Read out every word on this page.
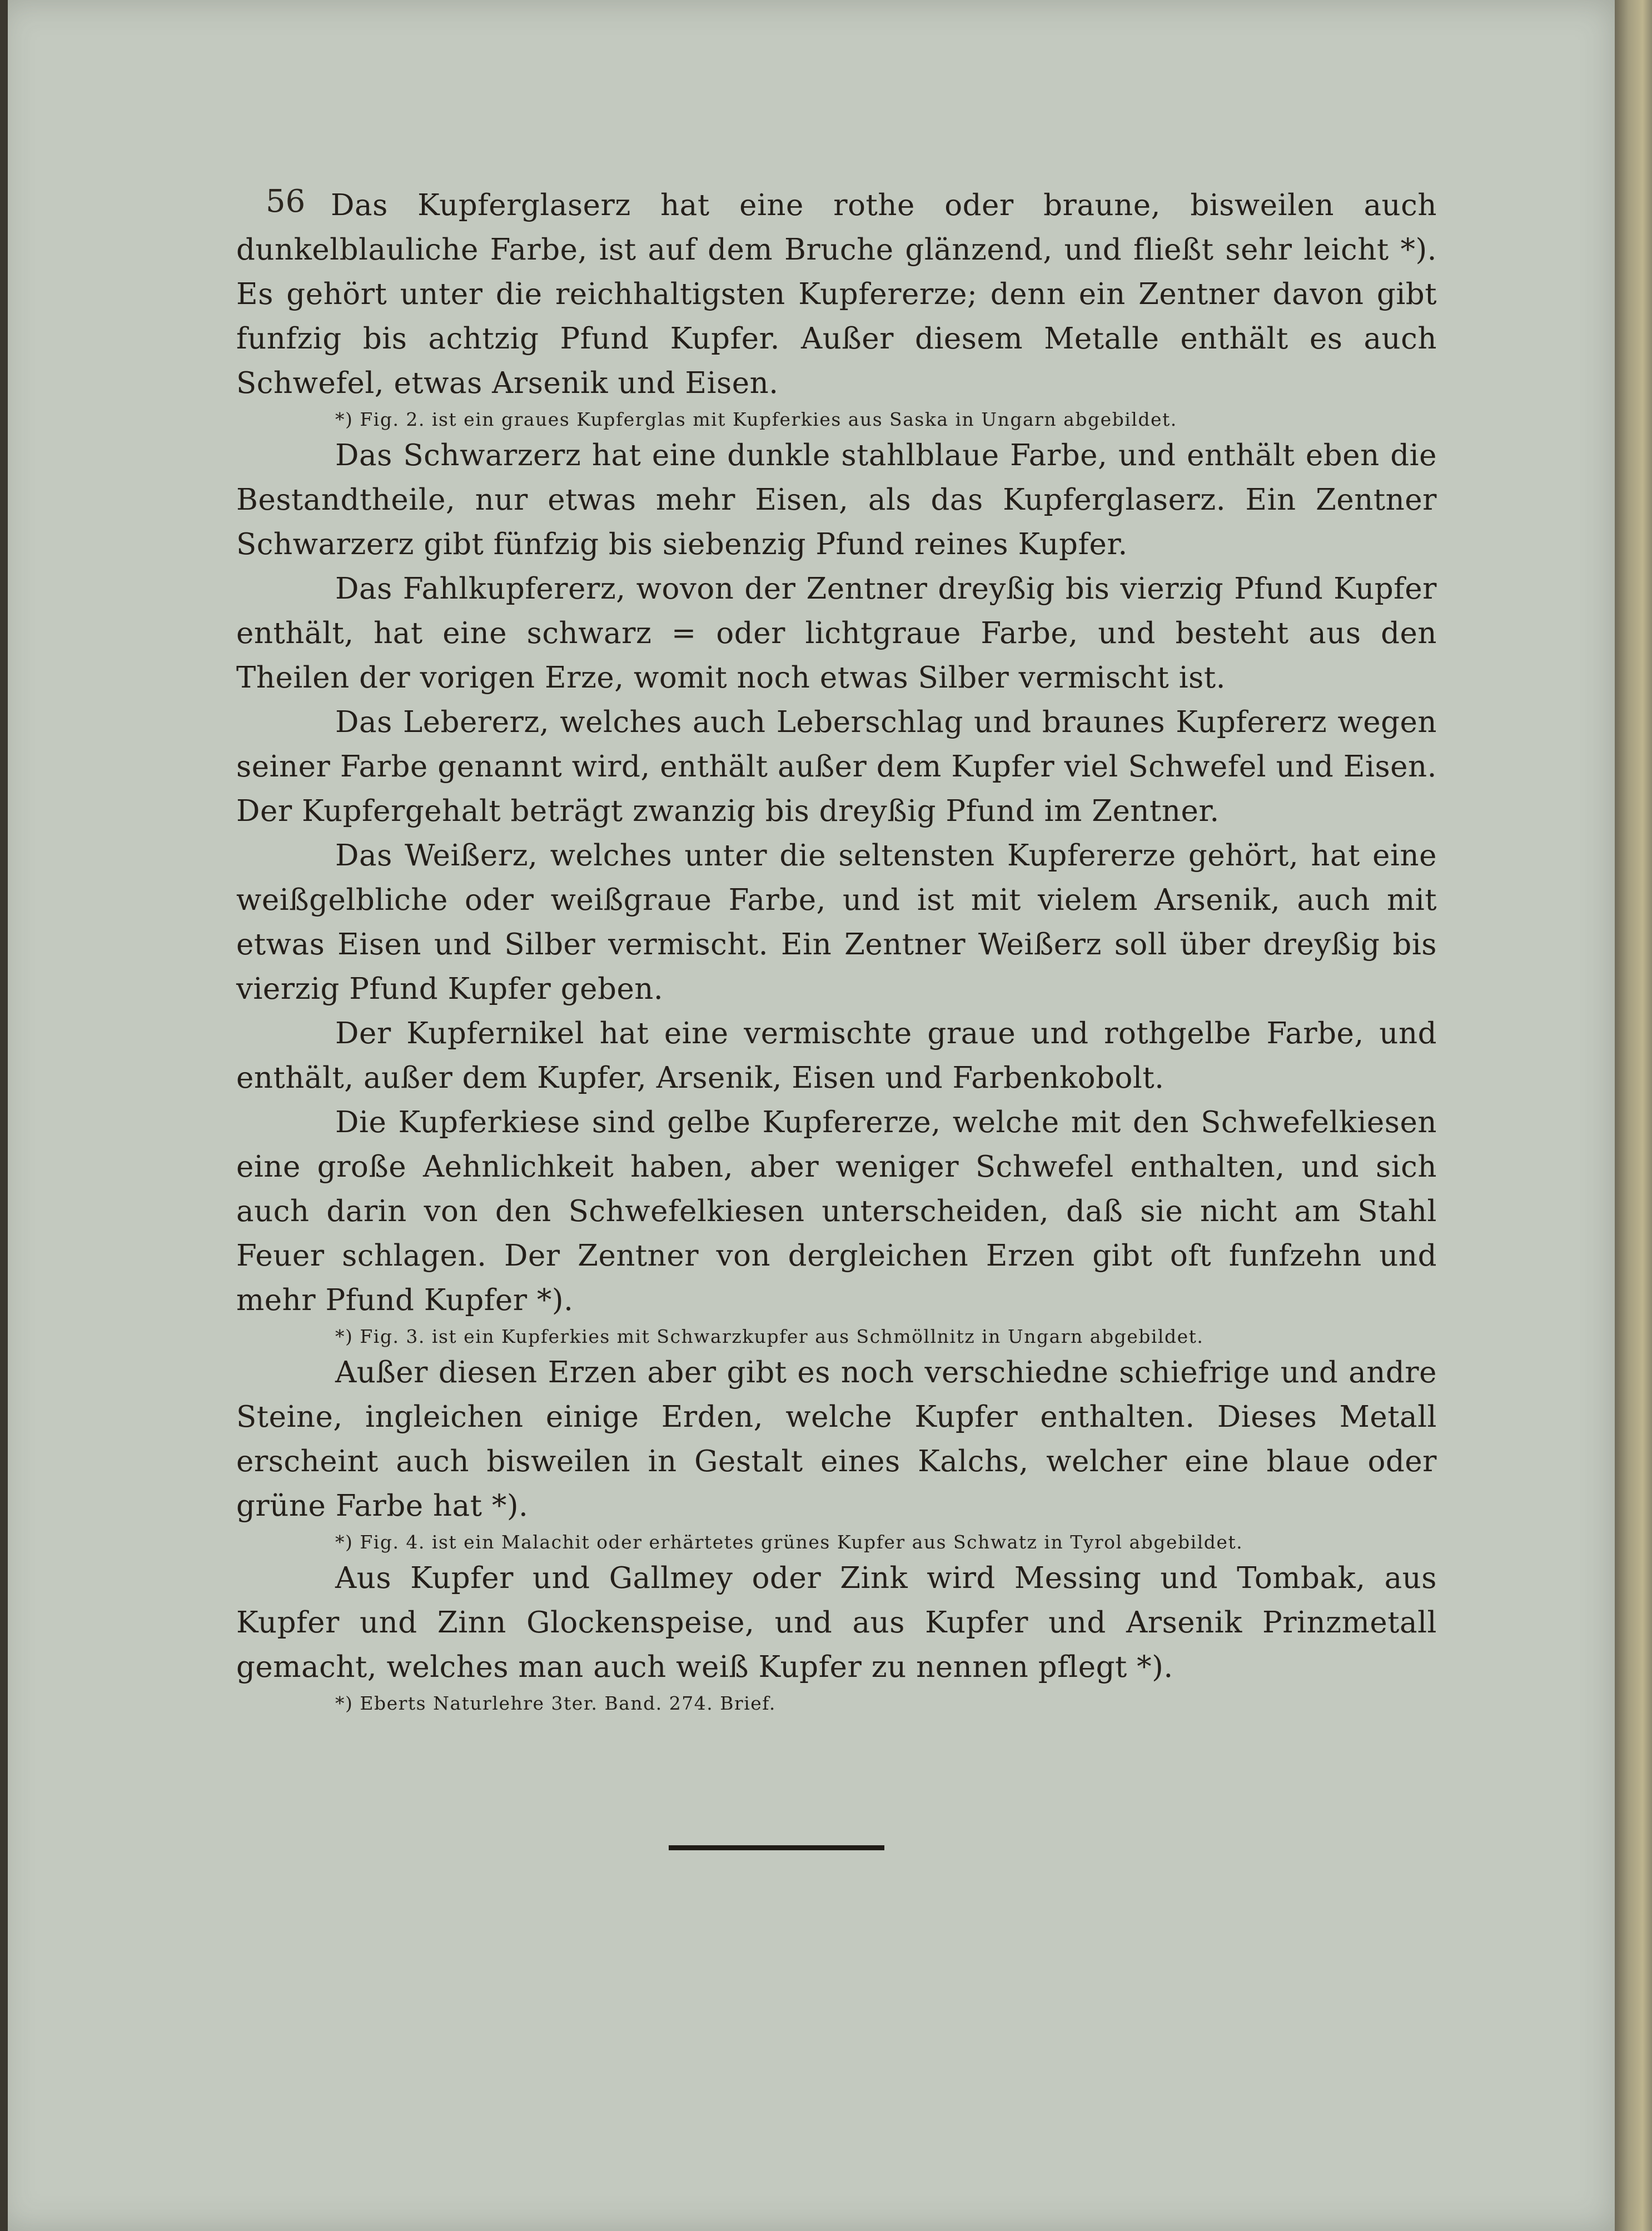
56 Das Kupferglaserz hat eine rothe oder braune, bisweilen auch dunkelblauliche Farbe, ist auf dem Bruche glänzend, und fließt sehr leicht *). Es gehört unter die reichhaltigsten Kupfererze; denn ein Zentner davon gibt funfzig bis achtzig Pfund Kupfer. Außer diesem Metalle enthält es auch Schwefel, etwas Arsenik und Eisen.

*) Fig. 2. ist ein graues Kupferglas mit Kupferkies aus Saska in Ungarn abgebildet.

Das Schwarzerz hat eine dunkle stahlblaue Farbe, und enthält eben die Bestandtheile, nur etwas mehr Eisen, als das Kupferglaserz. Ein Zentner Schwarzerz gibt fünfzig bis siebenzig Pfund reines Kupfer.

Das Fahlkupfererz, wovon der Zentner dreyßig bis vierzig Pfund Kupfer enthält, hat eine schwarz = oder lichtgraue Farbe, und besteht aus den Theilen der vorigen Erze, womit noch etwas Silber vermischt ist.

Das Lebererz, welches auch Leberschlag und braunes Kupfererz wegen seiner Farbe genannt wird, enthält außer dem Kupfer viel Schwefel und Eisen. Der Kupfergehalt beträgt zwanzig bis dreyßig Pfund im Zentner.

Das Weißerz, welches unter die seltensten Kupfererze gehört, hat eine weißgelbliche oder weißgraue Farbe, und ist mit vielem Arsenik, auch mit etwas Eisen und Silber vermischt. Ein Zentner Weißerz soll über dreyßig bis vierzig Pfund Kupfer geben.

Der Kupfernikel hat eine vermischte graue und rothgelbe Farbe, und enthält, außer dem Kupfer, Arsenik, Eisen und Farbenkobolt.

Die Kupferkiese sind gelbe Kupfererze, welche mit den Schwefelkiesen eine große Aehnlichkeit haben, aber weniger Schwefel enthalten, und sich auch darin von den Schwefelkiesen unterscheiden, daß sie nicht am Stahl Feuer schlagen. Der Zentner von dergleichen Erzen gibt oft funfzehn und mehr Pfund Kupfer *).

*) Fig. 3. ist ein Kupferkies mit Schwarzkupfer aus Schmöllnitz in Ungarn abgebildet.

Außer diesen Erzen aber gibt es noch verschiedne schiefrige und andre Steine, ingleichen einige Erden, welche Kupfer enthalten. Dieses Metall erscheint auch bisweilen in Gestalt eines Kalchs, welcher eine blaue oder grüne Farbe hat *).

*) Fig. 4. ist ein Malachit oder erhärtetes grünes Kupfer aus Schwatz in Tyrol abgebildet.

Aus Kupfer und Gallmey oder Zink wird Messing und Tombak, aus Kupfer und Zinn Glockenspeise, und aus Kupfer und Arsenik Prinzmetall gemacht, welches man auch weiß Kupfer zu nennen pflegt *).

*) Eberts Naturlehre 3ter. Band. 274. Brief.
